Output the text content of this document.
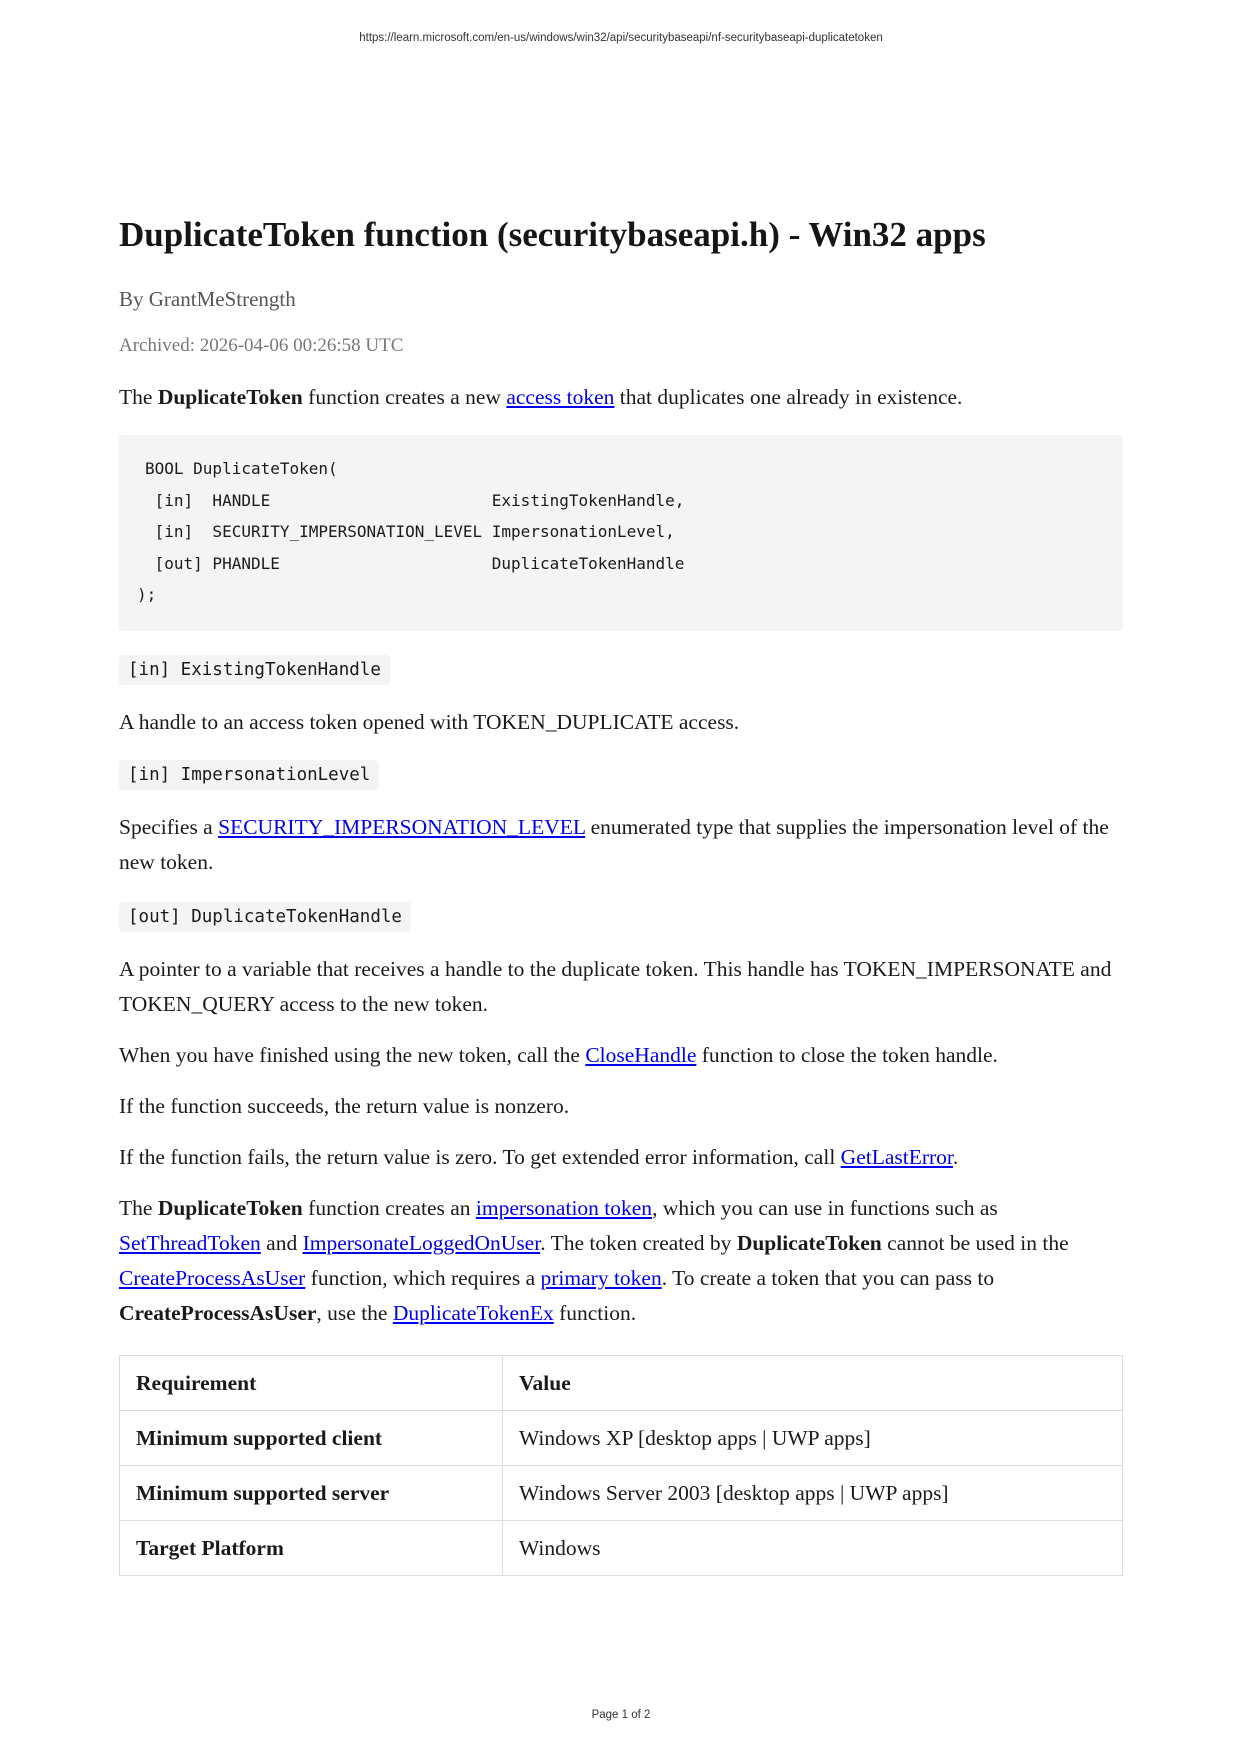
https://learn.microsoft.com/en-us/windows/win32/api/securitybaseapi/nf-securitybaseapi-duplicatetoken
DuplicateToken function (securitybaseapi.h) - Win32 apps
By GrantMeStrength
Archived: 2026-04-06 00:26:58 UTC

The DuplicateToken function creates a new access token that duplicates one already in existence.

BOOL DuplicateToken(
[in]  HANDLE                       ExistingTokenHandle,
[in]  SECURITY_IMPERSONATION_LEVEL ImpersonationLevel,
[out] PHANDLE                      DuplicateTokenHandle
);
[in] ExistingTokenHandle

A handle to an access token opened with TOKEN_DUPLICATE access.

[in] ImpersonationLevel

Specifies a SECURITY_IMPERSONATION_LEVEL enumerated type that supplies the impersonation level of the new token.

[out] DuplicateTokenHandle

A pointer to a variable that receives a handle to the duplicate token. This handle has TOKEN_IMPERSONATE and TOKEN_QUERY access to the new token.

When you have finished using the new token, call the CloseHandle function to close the token handle.

If the function succeeds, the return value is nonzero.

If the function fails, the return value is zero. To get extended error information, call GetLastError.

The DuplicateToken function creates an impersonation token, which you can use in functions such as SetThreadToken and ImpersonateLoggedOnUser. The token created by DuplicateToken cannot be used in the CreateProcessAsUser function, which requires a primary token. To create a token that you can pass to CreateProcessAsUser, use the DuplicateTokenEx function.

Requirement	Value
Minimum supported client	Windows XP [desktop apps | UWP apps]
Minimum supported server	Windows Server 2003 [desktop apps | UWP apps]
Target Platform	Windows
Page 1 of 2
